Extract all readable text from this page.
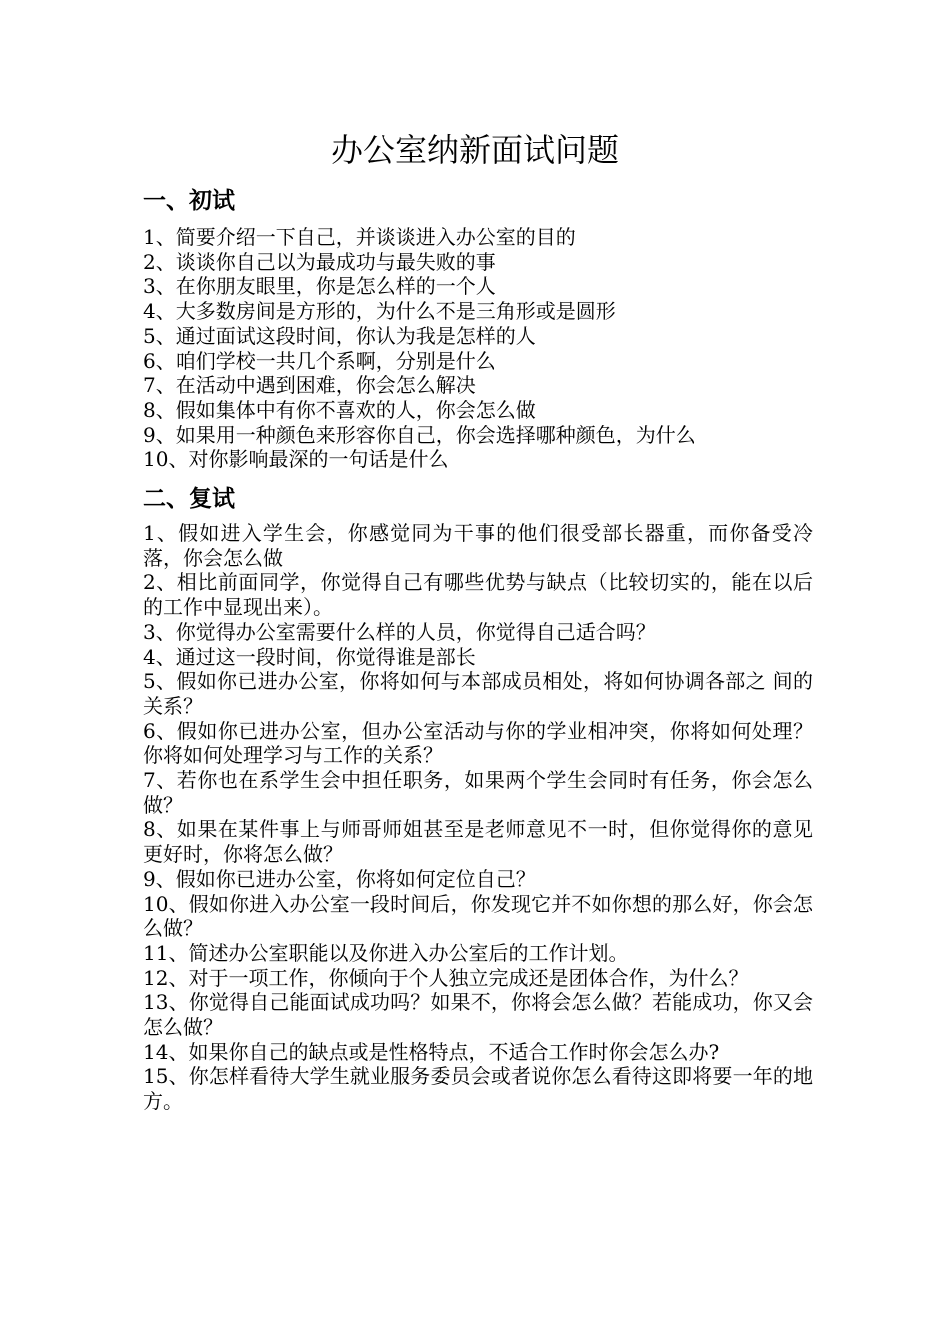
办公室纳新面试问题
一、初试
1、简要介绍一下自己，并谈谈进入办公室的目的
2、谈谈你自己以为最成功与最失败的事
3、在你朋友眼里，你是怎么样的一个人
4、大多数房间是方形的，为什么不是三角形或是圆形
5、通过面试这段时间，你认为我是怎样的人
6、咱们学校一共几个系啊，分别是什么
7、在活动中遇到困难，你会怎么解决
8、假如集体中有你不喜欢的人，你会怎么做
9、如果用一种颜色来形容你自己，你会选择哪种颜色，为什么
10、对你影响最深的一句话是什么
二、复试
1、假如进入学生会，你感觉同为干事的他们很受部长器重，而你备受冷落，你会怎么做
2、相比前面同学，你觉得自己有哪些优势与缺点（比较切实的，能在以后的工作中显现出来）。
3、你觉得办公室需要什么样的人员，你觉得自己适合吗？
4、通过这一段时间，你觉得谁是部长
5、假如你已进办公室，你将如何与本部成员相处，将如何协调各部之 间的关系？
6、假如你已进办公室，但办公室活动与你的学业相冲突，你将如何处理？你将如何处理学习与工作的关系？
7、若你也在系学生会中担任职务，如果两个学生会同时有任务，你会怎么做？
8、如果在某件事上与师哥师姐甚至是老师意见不一时，但你觉得你的意见更好时，你将怎么做？
9、假如你已进办公室，你将如何定位自己？
10、假如你进入办公室一段时间后，你发现它并不如你想的那么好，你会怎么做？
11、简述办公室职能以及你进入办公室后的工作计划。
12、对于一项工作，你倾向于个人独立完成还是团体合作，为什么？
13、你觉得自己能面试成功吗？如果不，你将会怎么做？若能成功，你又会怎么做？
14、如果你自己的缺点或是性格特点，不适合工作时你会怎么办?
15、你怎样看待大学生就业服务委员会或者说你怎么看待这即将要一年的地方。
